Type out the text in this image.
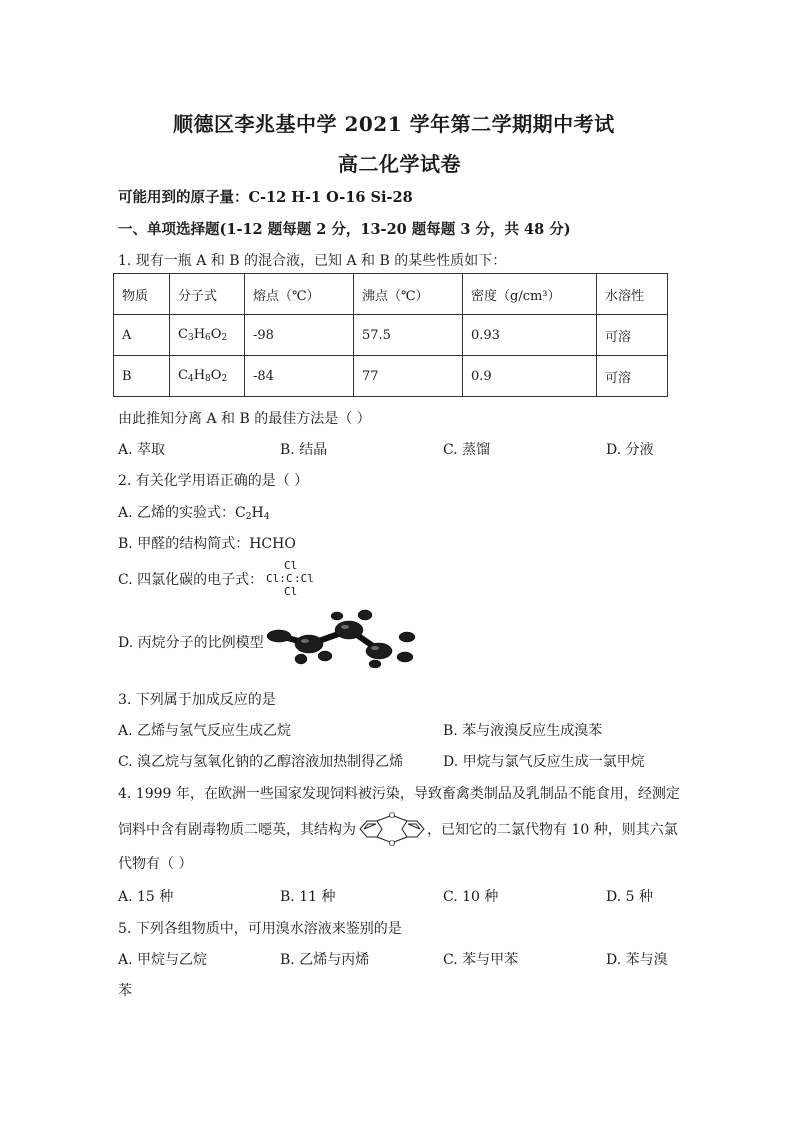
顺德区李兆基中学 2021 学年第二学期期中考试
高二化学试卷
可能用到的原子量：C-12 H-1 O-16 Si-28
一、单项选择题(1-12 题每题 2 分，13-20 题每题 3 分，共 48 分)
1. 现有一瓶 A 和 B 的混合液，已知 A 和 B 的某些性质如下：
物质	分子式	熔点（℃）	沸点（℃）	密度（g/cm³）	水溶性
A	$C_3H_6O_2$	-98	57.5	0.93	可溶
B	$C_4H_8O_2$	-84	77	0.9	可溶
由此推知分离 A 和 B 的最佳方法是（ ）
A. 萃取	B. 结晶	C. 蒸馏	D. 分液
2. 有关化学用语正确的是（ ）
A. 乙烯的实验式：$C_2H_4$
B. 甲醛的结构简式：HCHO
C. 四氯化碳的电子式：
Cl
Cl: C :Cl
Cl
D. 丙烷分子的比例模型
3. 下列属于加成反应的是
A. 乙烯与氢气反应生成乙烷	B. 苯与液溴反应生成溴苯
C. 溴乙烷与氢氧化钠的乙醇溶液加热制得乙烯	D. 甲烷与氯气反应生成一氯甲烷
4. 1999 年，在欧洲一些国家发现饲料被污染，导致畜禽类制品及乳制品不能食用，经测定
饲料中含有剧毒物质二噁英，其结构为
O
O
，已知它的二氯代物有 10 种，则其六氯
代物有（ ）
A. 15 种	B. 11 种	C. 10 种	D. 5 种
5. 下列各组物质中，可用溴水溶液来鉴别的是
A. 甲烷与乙烷	B. 乙烯与丙烯	C. 苯与甲苯	D. 苯与溴
苯
